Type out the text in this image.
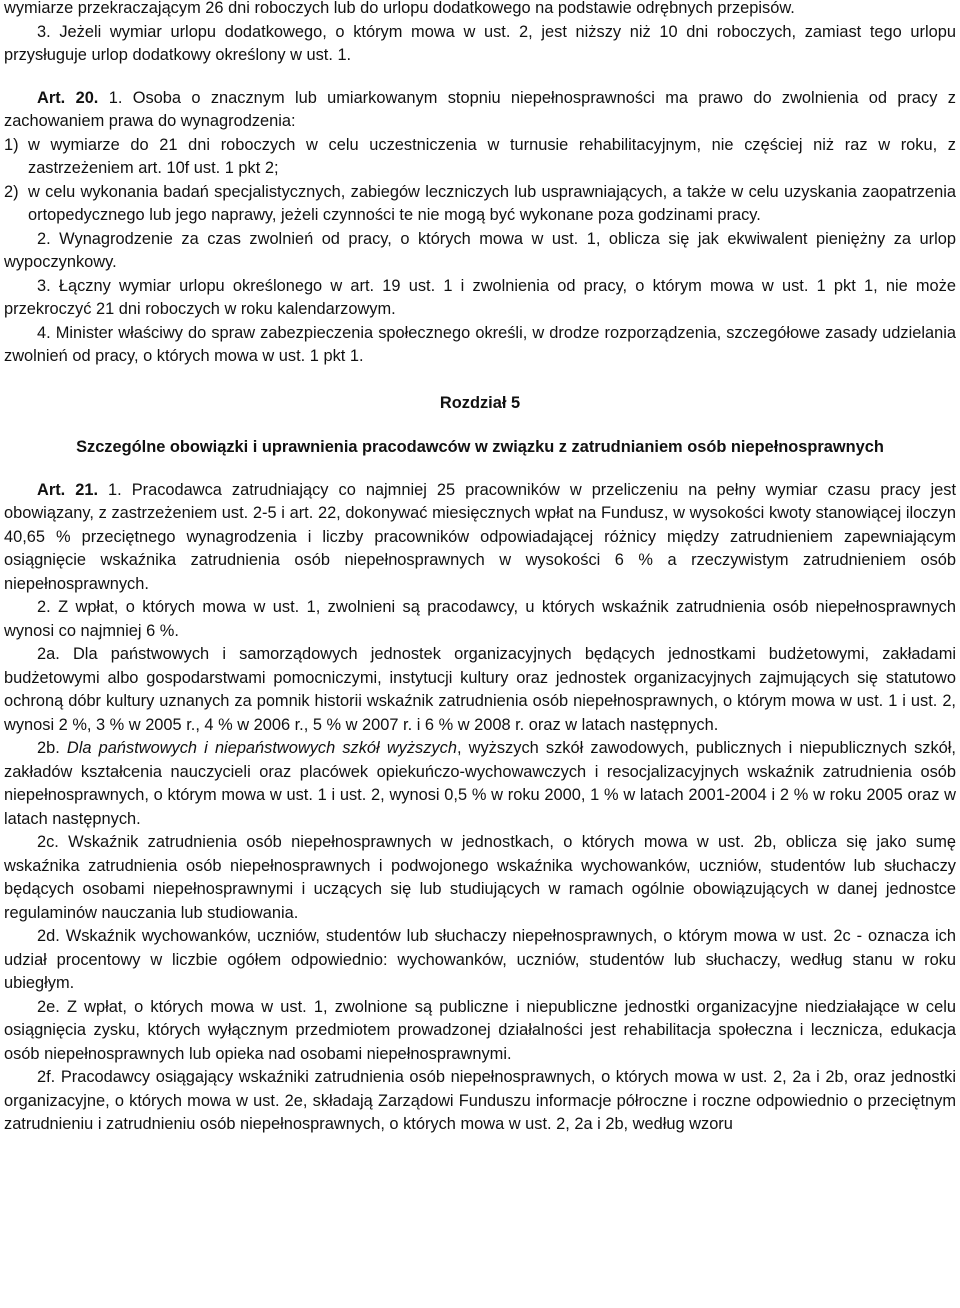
wymiarze przekraczającym 26 dni roboczych lub do urlopu dodatkowego na podstawie odrębnych przepisów.

3. Jeżeli wymiar urlopu dodatkowego, o którym mowa w ust. 2, jest niższy niż 10 dni roboczych, zamiast tego urlopu przysługuje urlop dodatkowy określony w ust. 1.

Art. 20. 1. Osoba o znacznym lub umiarkowanym stopniu niepełnosprawności ma prawo do zwolnienia od pracy z zachowaniem prawa do wynagrodzenia:

1) w wymiarze do 21 dni roboczych w celu uczestniczenia w turnusie rehabilitacyjnym, nie częściej niż raz w roku, z zastrzeżeniem art. 10f ust. 1 pkt 2;

2) w celu wykonania badań specjalistycznych, zabiegów leczniczych lub usprawniających, a także w celu uzyskania zaopatrzenia ortopedycznego lub jego naprawy, jeżeli czynności te nie mogą być wykonane poza godzinami pracy.

2. Wynagrodzenie za czas zwolnień od pracy, o których mowa w ust. 1, oblicza się jak ekwiwalent pieniężny za urlop wypoczynkowy.

3. Łączny wymiar urlopu określonego w art. 19 ust. 1 i zwolnienia od pracy, o którym mowa w ust. 1 pkt 1, nie może przekroczyć 21 dni roboczych w roku kalendarzowym.

4. Minister właściwy do spraw zabezpieczenia społecznego określi, w drodze rozporządzenia, szczegółowe zasady udzielania zwolnień od pracy, o których mowa w ust. 1 pkt 1.

Rozdział 5

Szczególne obowiązki i uprawnienia pracodawców w związku z zatrudnianiem osób niepełnosprawnych

Art. 21. 1. Pracodawca zatrudniający co najmniej 25 pracowników w przeliczeniu na pełny wymiar czasu pracy jest obowiązany, z zastrzeżeniem ust. 2-5 i art. 22, dokonywać miesięcznych wpłat na Fundusz, w wysokości kwoty stanowiącej iloczyn 40,65 % przeciętnego wynagrodzenia i liczby pracowników odpowiadającej różnicy między zatrudnieniem zapewniającym osiągnięcie wskaźnika zatrudnienia osób niepełnosprawnych w wysokości 6 % a rzeczywistym zatrudnieniem osób niepełnosprawnych.

2. Z wpłat, o których mowa w ust. 1, zwolnieni są pracodawcy, u których wskaźnik zatrudnienia osób niepełnosprawnych wynosi co najmniej 6 %.

2a. Dla państwowych i samorządowych jednostek organizacyjnych będących jednostkami budżetowymi, zakładami budżetowymi albo gospodarstwami pomocniczymi, instytucji kultury oraz jednostek organizacyjnych zajmujących się statutowo ochroną dóbr kultury uznanych za pomnik historii wskaźnik zatrudnienia osób niepełnosprawnych, o którym mowa w ust. 1 i ust. 2, wynosi 2 %, 3 % w 2005 r., 4 % w 2006 r., 5 % w 2007 r. i 6 % w 2008 r. oraz w latach następnych.

2b. Dla państwowych i niepaństwowych szkół wyższych, wyższych szkół zawodowych, publicznych i niepublicznych szkół, zakładów kształcenia nauczycieli oraz placówek opiekuńczo-wychowawczych i resocjalizacyjnych wskaźnik zatrudnienia osób niepełnosprawnych, o którym mowa w ust. 1 i ust. 2, wynosi 0,5 % w roku 2000, 1 % w latach 2001-2004 i 2 % w roku 2005 oraz w latach następnych.

2c. Wskaźnik zatrudnienia osób niepełnosprawnych w jednostkach, o których mowa w ust. 2b, oblicza się jako sumę wskaźnika zatrudnienia osób niepełnosprawnych i podwojonego wskaźnika wychowanków, uczniów, studentów lub słuchaczy będących osobami niepełnosprawnymi i uczących się lub studiujących w ramach ogólnie obowiązujących w danej jednostce regulaminów nauczania lub studiowania.

2d. Wskaźnik wychowanków, uczniów, studentów lub słuchaczy niepełnosprawnych, o którym mowa w ust. 2c - oznacza ich udział procentowy w liczbie ogółem odpowiednio: wychowanków, uczniów, studentów lub słuchaczy, według stanu w roku ubiegłym.

2e. Z wpłat, o których mowa w ust. 1, zwolnione są publiczne i niepubliczne jednostki organizacyjne niedziałające w celu osiągnięcia zysku, których wyłącznym przedmiotem prowadzonej działalności jest rehabilitacja społeczna i lecznicza, edukacja osób niepełnosprawnych lub opieka nad osobami niepełnosprawnymi.

2f. Pracodawcy osiągający wskaźniki zatrudnienia osób niepełnosprawnych, o których mowa w ust. 2, 2a i 2b, oraz jednostki organizacyjne, o których mowa w ust. 2e, składają Zarządowi Funduszu informacje półroczne i roczne odpowiednio o przeciętnym zatrudnieniu i zatrudnieniu osób niepełnosprawnych, o których mowa w ust. 2, 2a i 2b, według wzoru
